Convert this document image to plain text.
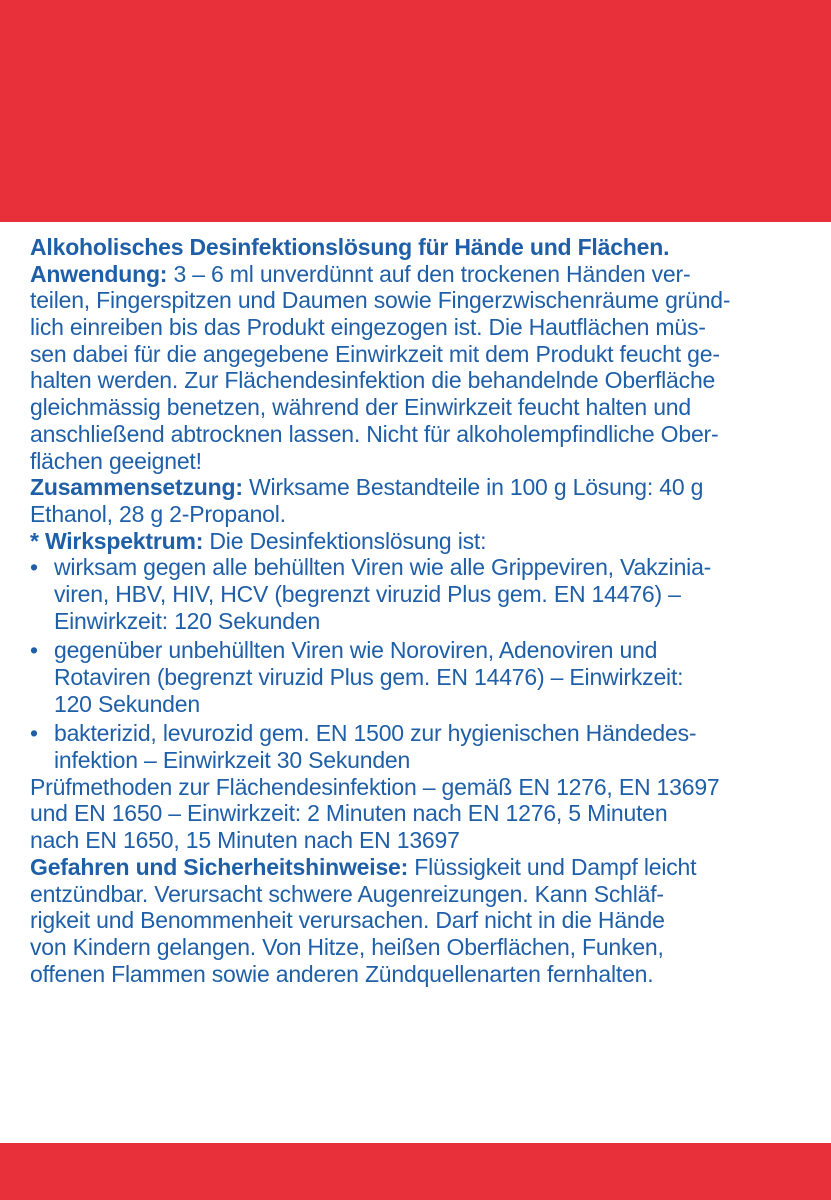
Alkoholisches Desinfektionslösung für Hände und Flächen.
Anwendung: 3 – 6 ml unverdünnt auf den trockenen Händen ver-
teilen, Fingerspitzen und Daumen sowie Fingerzwischenräume gründ-
lich einreiben bis das Produkt eingezogen ist. Die Hautflächen müs-
sen dabei für die angegebene Einwirkzeit mit dem Produkt feucht ge-
halten werden. Zur Flächendesinfektion die behandelnde Oberfläche
gleichmässig benetzen, während der Einwirkzeit feucht halten und
anschließend abtrocknen lassen. Nicht für alkoholempfindliche Ober-
flächen geeignet!
Zusammensetzung: Wirksame Bestandteile in 100 g Lösung: 40 g
Ethanol, 28 g 2-Propanol.
* Wirkspektrum: Die Desinfektionslösung ist:
• wirksam gegen alle behüllten Viren wie alle Grippeviren, Vakzinia-
viren, HBV, HIV, HCV (begrenzt viruzid Plus gem. EN 14476) –
Einwirkzeit: 120 Sekunden
• gegenüber unbehüllten Viren wie Noroviren, Adenoviren und
Rotaviren (begrenzt viruzid Plus gem. EN 14476) – Einwirkzeit:
120 Sekunden
• bakterizid, levurozid gem. EN 1500 zur hygienischen Händedes-
infektion – Einwirkzeit 30 Sekunden
Prüfmethoden zur Flächendesinfektion – gemäß EN 1276, EN 13697
und EN 1650 – Einwirkzeit: 2 Minuten nach EN 1276, 5 Minuten
nach EN 1650, 15 Minuten nach EN 13697
Gefahren und Sicherheitshinweise: Flüssigkeit und Dampf leicht
entzündbar. Verursacht schwere Augenreizungen. Kann Schläf-
rigkeit und Benommenheit verursachen. Darf nicht in die Hände
von Kindern gelangen. Von Hitze, heißen Oberflächen, Funken,
offenen Flammen sowie anderen Zündquellenarten fernhalten.
